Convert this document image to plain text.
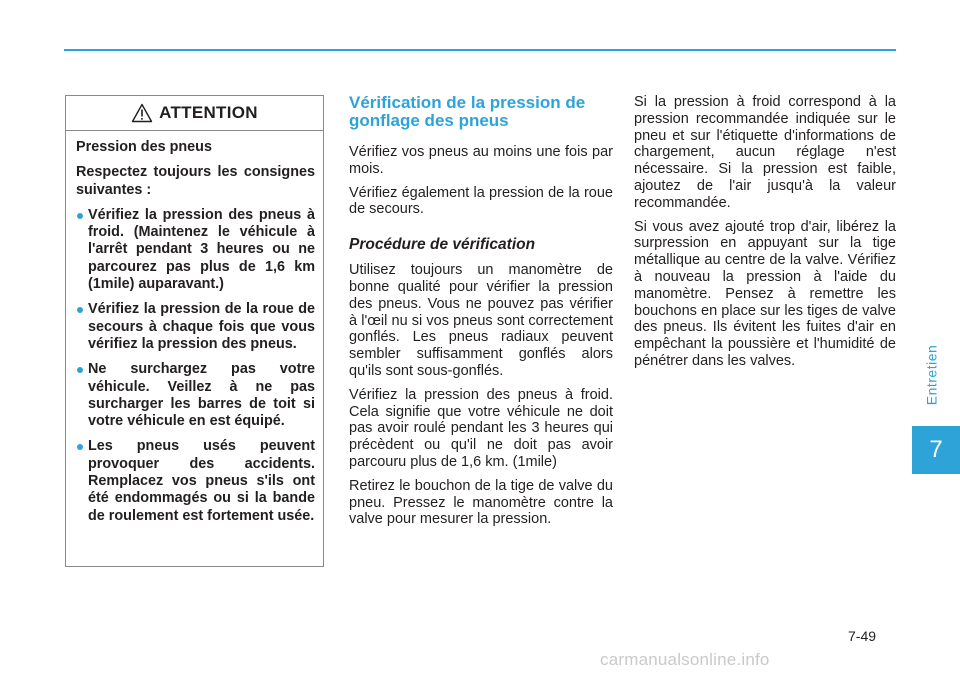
Entretien
7
ATTENTION

Pression des pneus

Respectez toujours les consignes suivantes :

Vérifiez la pression des pneus à froid. (Maintenez le véhicule à l'arrêt pendant 3 heures ou ne parcourez pas plus de 1,6 km (1mile) auparavant.)
Vérifiez la pression de la roue de secours à chaque fois que vous vérifiez la pression des pneus.
Ne surchargez pas votre véhicule. Veillez à ne pas surcharger les barres de toit si votre véhicule en est équipé.
Les pneus usés peuvent provoquer des accidents. Remplacez vos pneus s'ils ont été endommagés ou si la bande de roulement est fortement usée.
Vérification de la pression de gonflage des pneus

Vérifiez vos pneus au moins une fois par mois.

Vérifiez également la pression de la roue de secours.

Procédure de vérification

Utilisez toujours un manomètre de bonne qualité pour vérifier la pression des pneus. Vous ne pouvez pas vérifier à l'œil nu si vos pneus sont correctement gonflés. Les pneus radiaux peuvent sembler suffisamment gonflés alors qu'ils sont sous-gonflés.

Vérifiez la pression des pneus à froid. Cela signifie que votre véhicule ne doit pas avoir roulé pendant les 3 heures qui précèdent ou qu'il ne doit pas avoir parcouru plus de 1,6 km. (1mile)

Retirez le bouchon de la tige de valve du pneu. Pressez le manomètre contre la valve pour mesurer la pression.

Si la pression à froid correspond à la pression recommandée indiquée sur le pneu et sur l'étiquette d'informations de chargement, aucun réglage n'est nécessaire. Si la pression est faible, ajoutez de l'air jusqu'à la valeur recommandée.

Si vous avez ajouté trop d'air, libérez la surpression en appuyant sur la tige métallique au centre de la valve. Vérifiez à nouveau la pression à l'aide du manomètre. Pensez à remettre les bouchons en place sur les tiges de valve des pneus. Ils évitent les fuites d'air en empêchant la poussière et l'humidité de pénétrer dans les valves.

7-49
carmanualsonline.info
